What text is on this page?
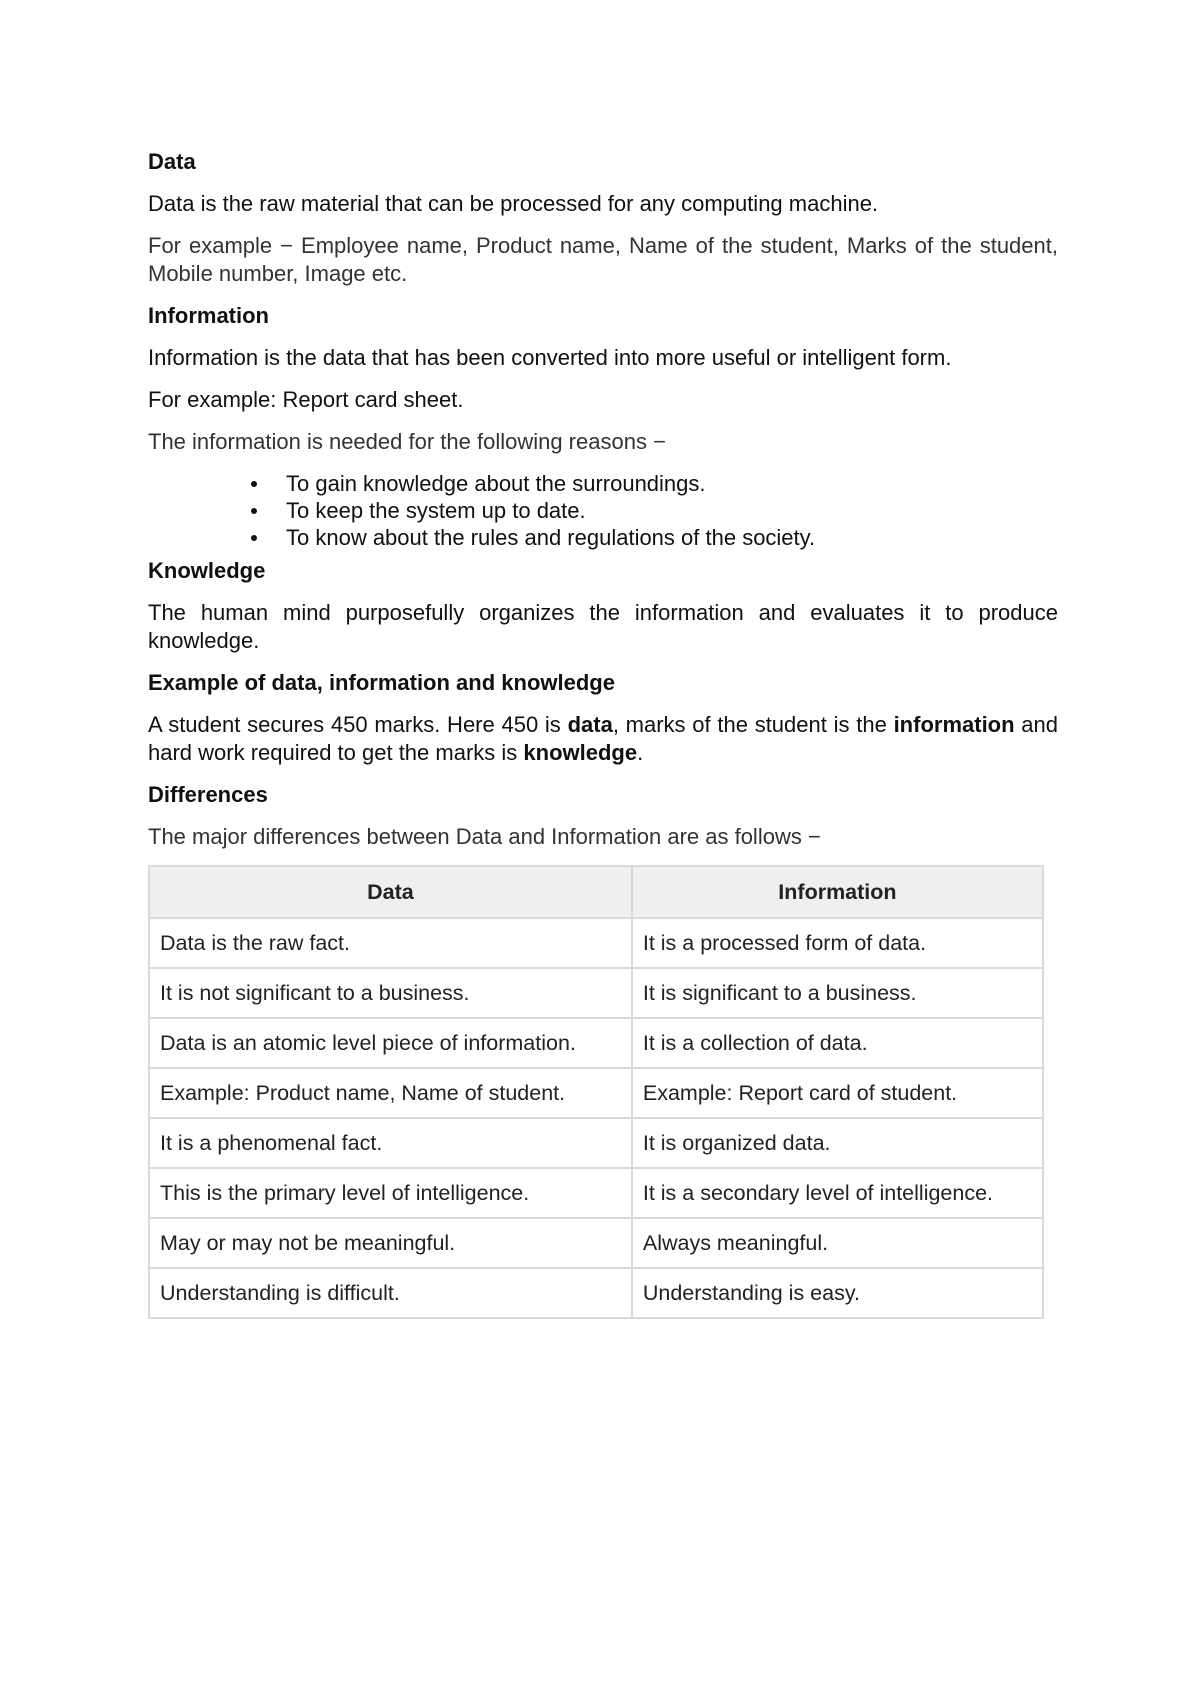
Data
Data is the raw material that can be processed for any computing machine.
For example − Employee name, Product name, Name of the student, Marks of the student, Mobile number, Image etc.
Information
Information is the data that has been converted into more useful or intelligent form.
For example: Report card sheet.
The information is needed for the following reasons −
To gain knowledge about the surroundings.
To keep the system up to date.
To know about the rules and regulations of the society.
Knowledge
The human mind purposefully organizes the information and evaluates it to produce knowledge.
Example of data, information and knowledge
A student secures 450 marks. Here 450 is data, marks of the student is the information and hard work required to get the marks is knowledge.
Differences
The major differences between Data and Information are as follows −
Data	Information
Data is the raw fact.	It is a processed form of data.
It is not significant to a business.	It is significant to a business.
Data is an atomic level piece of information.	It is a collection of data.
Example: Product name, Name of student.	Example: Report card of student.
It is a phenomenal fact.	It is organized data.
This is the primary level of intelligence.	It is a secondary level of intelligence.
May or may not be meaningful.	Always meaningful.
Understanding is difficult.	Understanding is easy.
